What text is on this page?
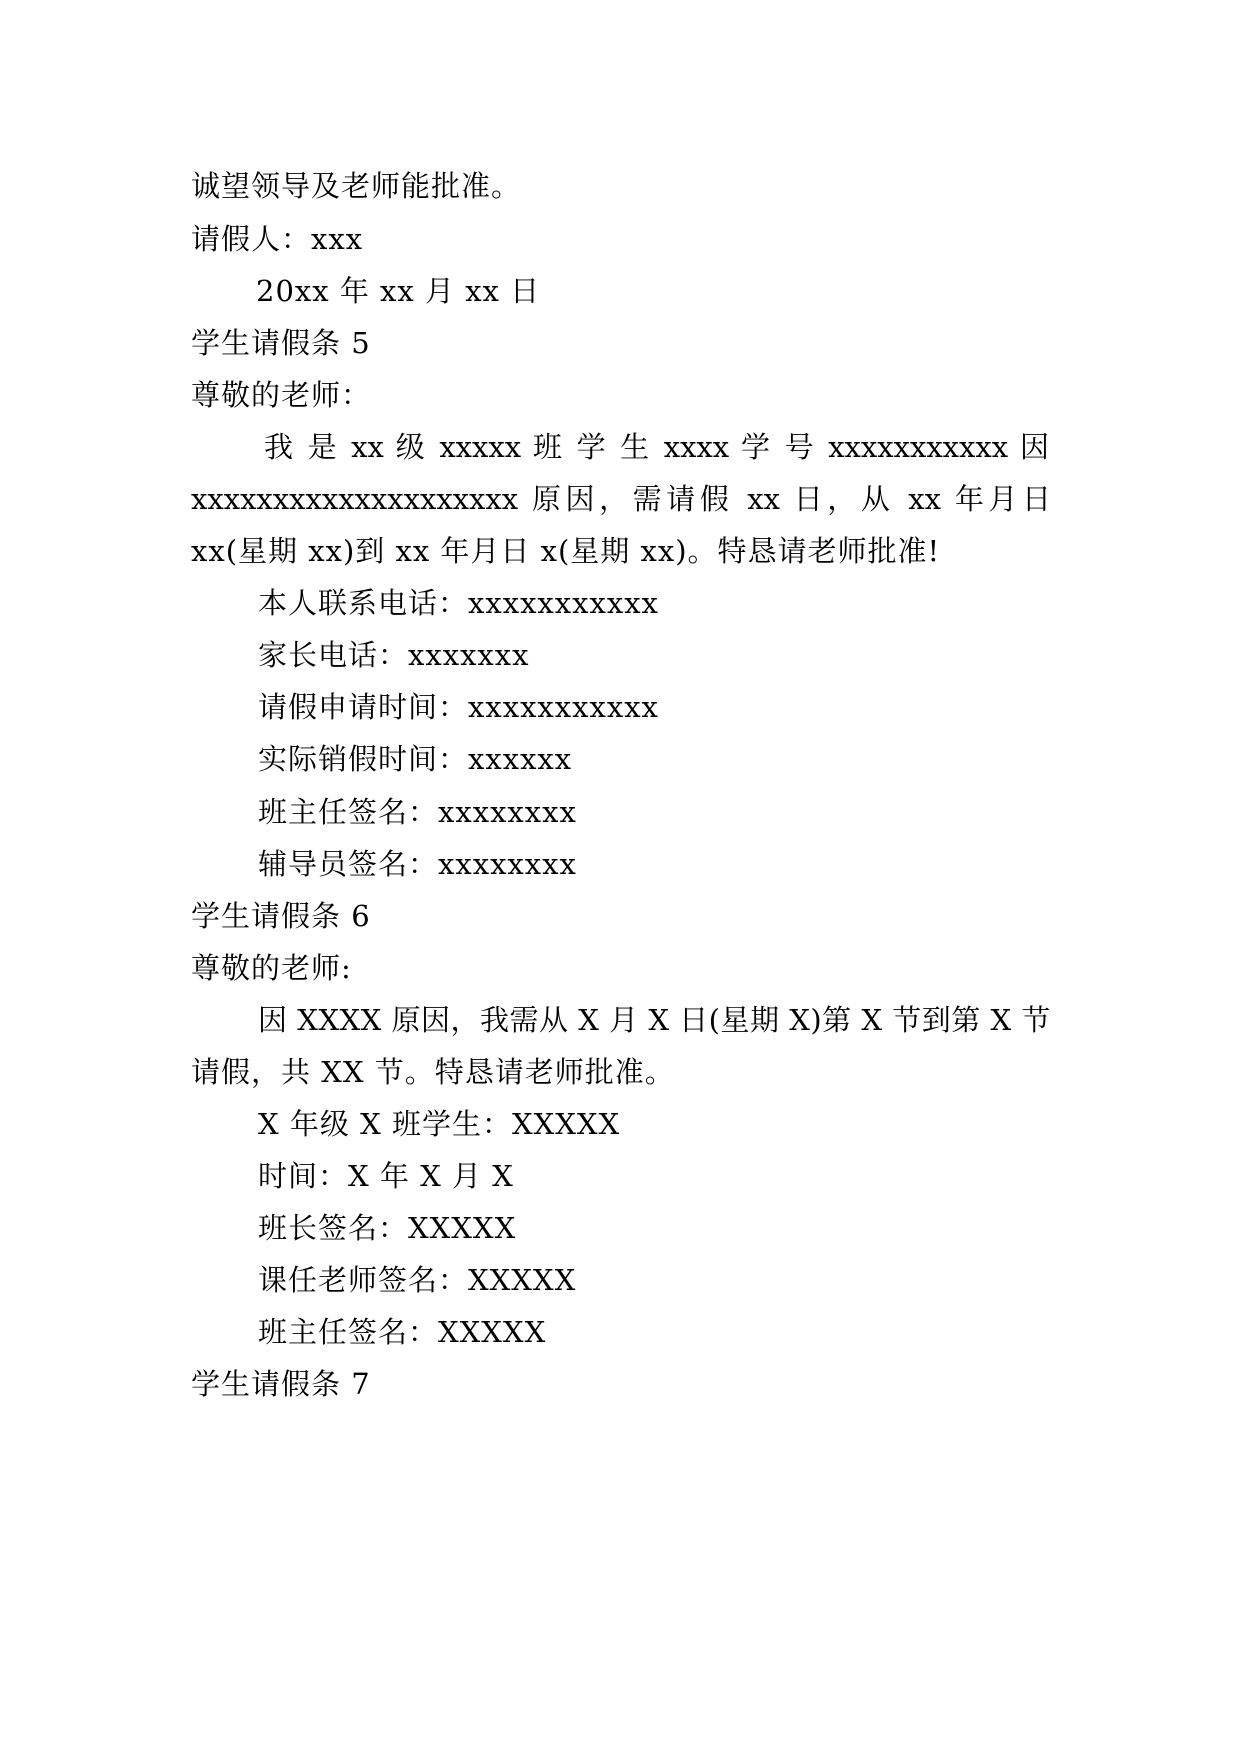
诚望领导及老师能批准。
请假人：xxx
20xx 年 xx 月 xx 日
学生请假条 5
尊敬的老师：
我 是 xx 级 xxxxx 班 学 生 xxxx 学 号 xxxxxxxxxxx 因
xxxxxxxxxxxxxxxxxxxx 原因，需请假 xx 日，从 xx 年月日
xx(星期 xx)到 xx 年月日 x(星期 xx)。特恳请老师批准!
本人联系电话：xxxxxxxxxxx
家长电话：xxxxxxx
请假申请时间：xxxxxxxxxxx
实际销假时间：xxxxxx
班主任签名：xxxxxxxx
辅导员签名：xxxxxxxx
学生请假条 6
尊敬的老师:
因 XXXX 原因，我需从 X 月 X 日(星期 X)第 X 节到第 X 节
请假，共 XX 节。特恳请老师批准。
X 年级 X 班学生：XXXXX
时间：X 年 X 月 X
班长签名：XXXXX
课任老师签名：XXXXX
班主任签名：XXXXX
学生请假条 7
